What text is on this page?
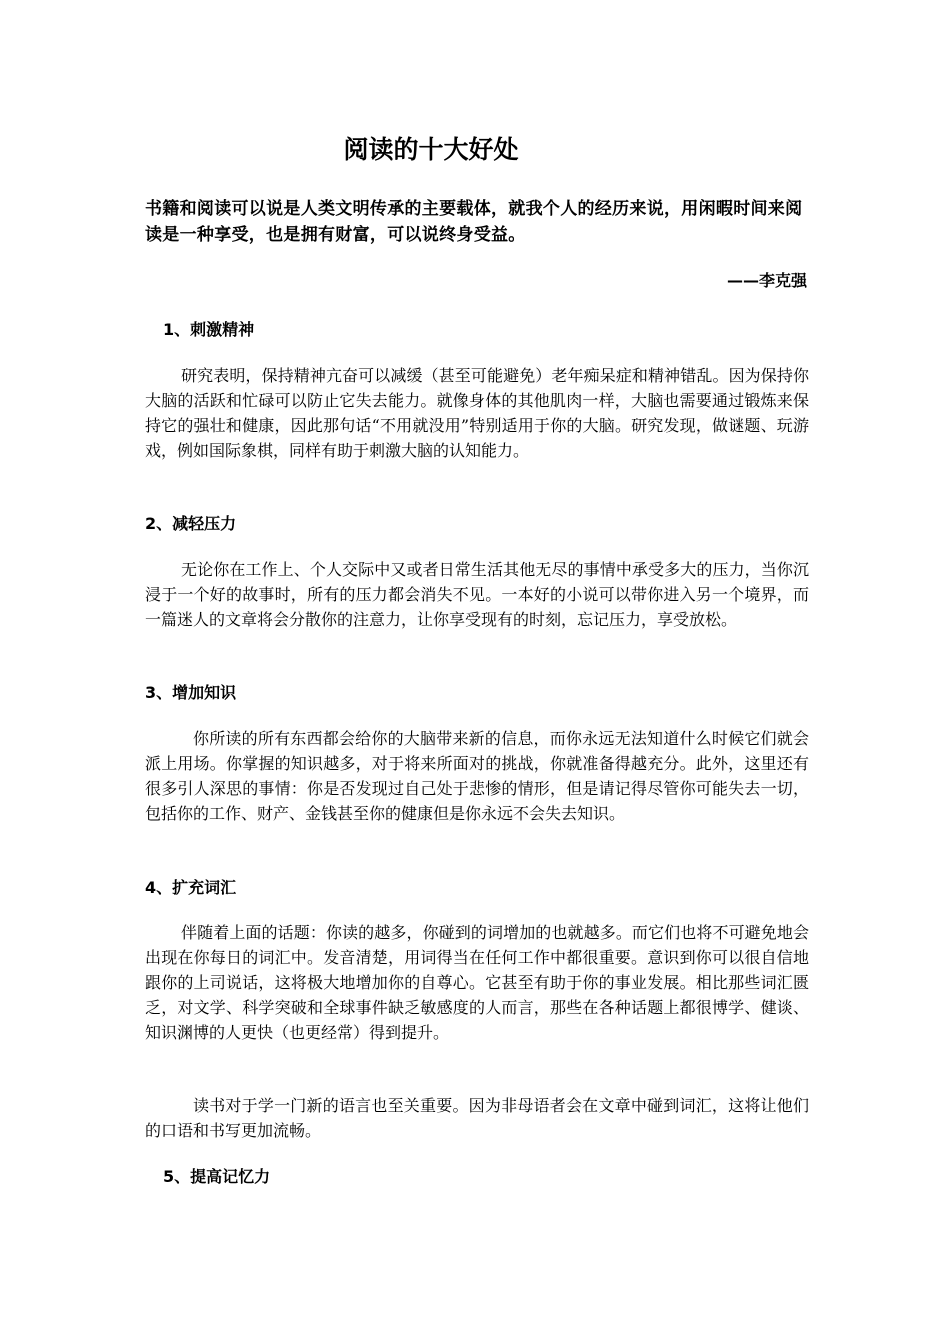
阅读的十大好处
书籍和阅读可以说是人类文明传承的主要载体，就我个人的经历来说，用闲暇时间来阅读是一种享受，也是拥有财富，可以说终身受益。
——李克强
1、刺激精神
研究表明，保持精神亢奋可以减缓（甚至可能避免）老年痴呆症和精神错乱。因为保持你大脑的活跃和忙碌可以防止它失去能力。就像身体的其他肌肉一样，大脑也需要通过锻炼来保持它的强壮和健康，因此那句话“不用就没用”特别适用于你的大脑。研究发现，做谜题、玩游戏，例如国际象棋，同样有助于刺激大脑的认知能力。
2、减轻压力
无论你在工作上、个人交际中又或者日常生活其他无尽的事情中承受多大的压力，当你沉浸于一个好的故事时，所有的压力都会消失不见。一本好的小说可以带你进入另一个境界，而一篇迷人的文章将会分散你的注意力，让你享受现有的时刻，忘记压力，享受放松。
3、增加知识
你所读的所有东西都会给你的大脑带来新的信息，而你永远无法知道什么时候它们就会派上用场。你掌握的知识越多，对于将来所面对的挑战，你就准备得越充分。此外，这里还有很多引人深思的事情：你是否发现过自己处于悲惨的情形，但是请记得尽管你可能失去一切，包括你的工作、财产、金钱甚至你的健康但是你永远不会失去知识。
4、扩充词汇
伴随着上面的话题：你读的越多，你碰到的词增加的也就越多。而它们也将不可避免地会出现在你每日的词汇中。发音清楚，用词得当在任何工作中都很重要。意识到你可以很自信地跟你的上司说话，这将极大地增加你的自尊心。它甚至有助于你的事业发展。相比那些词汇匮乏，对文学、科学突破和全球事件缺乏敏感度的人而言，那些在各种话题上都很博学、健谈、知识渊博的人更快（也更经常）得到提升。
读书对于学一门新的语言也至关重要。因为非母语者会在文章中碰到词汇，这将让他们的口语和书写更加流畅。
5、提高记忆力
